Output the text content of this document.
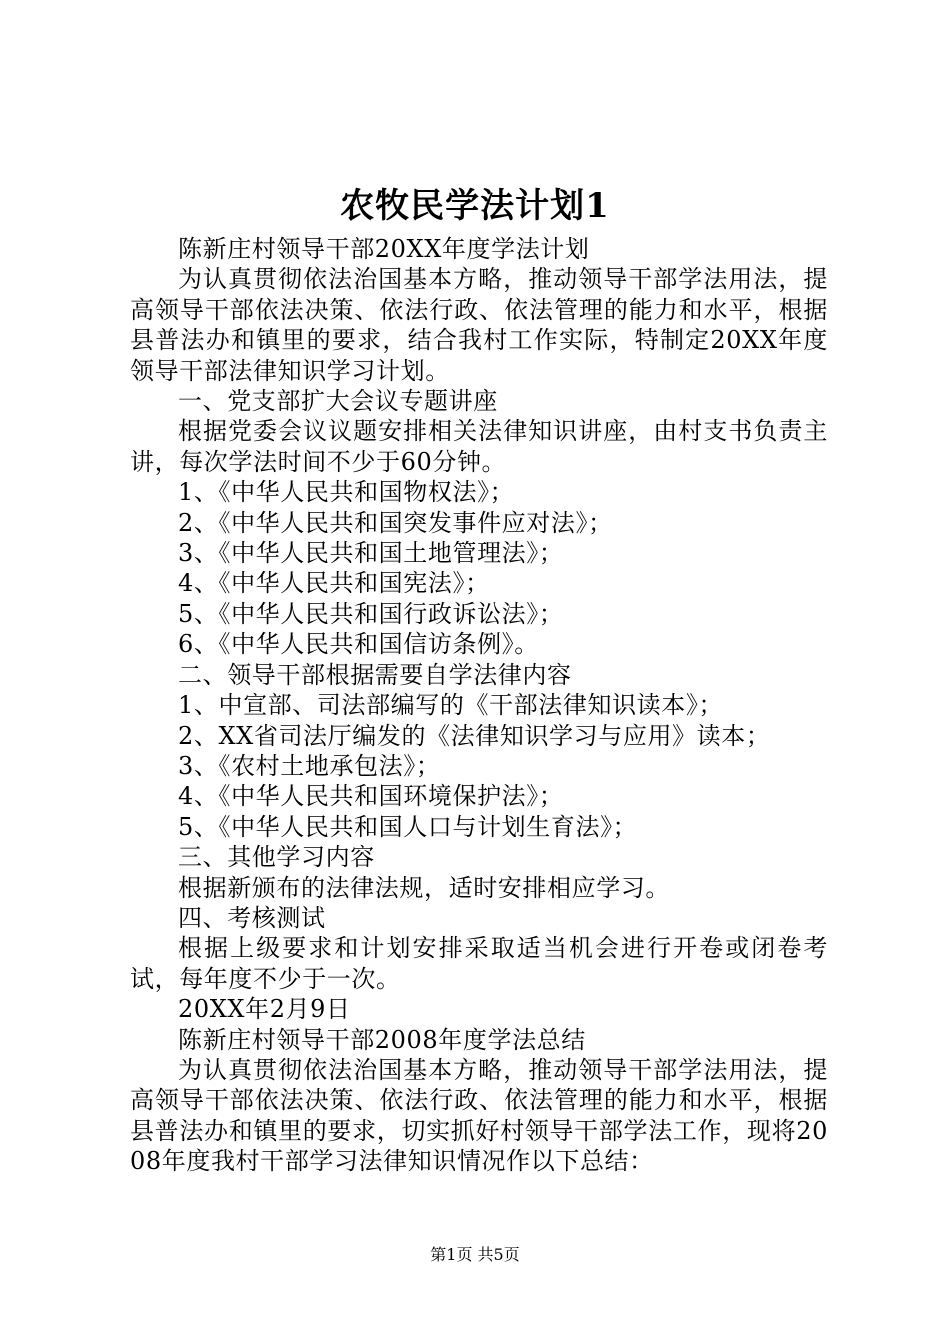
农牧民学法计划1

陈新庄村领导干部20XX年度学法计划

为认真贯彻依法治国基本方略，推动领导干部学法用法，提高领导干部依法决策、依法行政、依法管理的能力和水平，根据县普法办和镇里的要求，结合我村工作实际，特制定20XX年度领导干部法律知识学习计划。

一、党支部扩大会议专题讲座

根据党委会议议题安排相关法律知识讲座，由村支书负责主讲，每次学法时间不少于60分钟。

1、《中华人民共和国物权法》；

2、《中华人民共和国突发事件应对法》；

3、《中华人民共和国土地管理法》；

4、《中华人民共和国宪法》；

5、《中华人民共和国行政诉讼法》；

6、《中华人民共和国信访条例》。

二、领导干部根据需要自学法律内容

1、中宣部、司法部编写的《干部法律知识读本》；

2、XX省司法厅编发的《法律知识学习与应用》读本；

3、《农村土地承包法》；

4、《中华人民共和国环境保护法》；

5、《中华人民共和国人口与计划生育法》；

三、其他学习内容

根据新颁布的法律法规，适时安排相应学习。

四、考核测试

根据上级要求和计划安排采取适当机会进行开卷或闭卷考试，每年度不少于一次。

20XX年2月9日

陈新庄村领导干部2008年度学法总结

为认真贯彻依法治国基本方略，推动领导干部学法用法，提高领导干部依法决策、依法行政、依法管理的能力和水平，根据县普法办和镇里的要求，切实抓好村领导干部学法工作，现将2008年度我村干部学习法律知识情况作以下总结：

第1页 共5页
